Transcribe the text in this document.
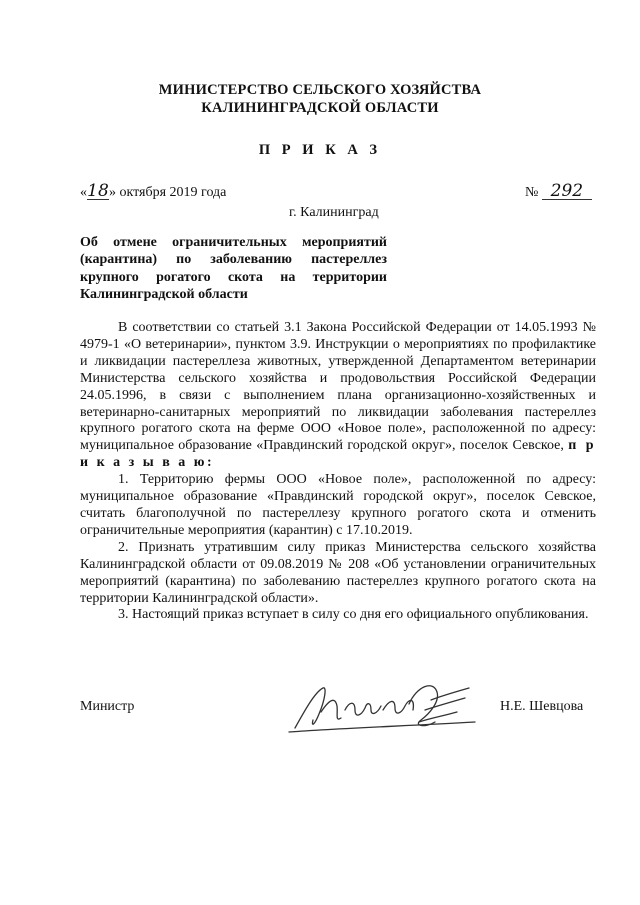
МИНИСТЕРСТВО СЕЛЬСКОГО ХОЗЯЙСТВА
КАЛИНИНГРАДСКОЙ ОБЛАСТИ
П Р И К А З
«18» октября 2019 года	№ 292
г. Калининград
Об отмене ограничительных мероприятий (карантина) по заболеванию пастереллез крупного рогатого скота на территории Калининградской области

В соответствии со статьей 3.1 Закона Российской Федерации от 14.05.1993 № 4979-1 «О ветеринарии», пунктом 3.9. Инструкции о мероприятиях по профилактике и ликвидации пастереллеза животных, утвержденной Департаментом ветеринарии Министерства сельского хозяйства и продовольствия Российской Федерации 24.05.1996, в связи с выполнением плана организационно-хозяйственных и ветеринарно-санитарных мероприятий по ликвидации заболевания пастереллез крупного рогатого скота на ферме ООО «Новое поле», расположенной по адресу: муниципальное образование «Правдинский городской округ», поселок Севское, п р и к а з ы в а ю:

1. Территорию фермы ООО «Новое поле», расположенной по адресу: муниципальное образование «Правдинский городской округ», поселок Севское, считать благополучной по пастереллезу крупного рогатого скота и отменить ограничительные мероприятия (карантин) с 17.10.2019.

2. Признать утратившим силу приказ Министерства сельского хозяйства Калининградской области от 09.08.2019 № 208 «Об установлении ограничительных мероприятий (карантина) по заболеванию пастереллез крупного рогатого скота на территории Калининградской области».

3. Настоящий приказ вступает в силу со дня его официального опубликования.

Министр	Н.Е. Шевцова
